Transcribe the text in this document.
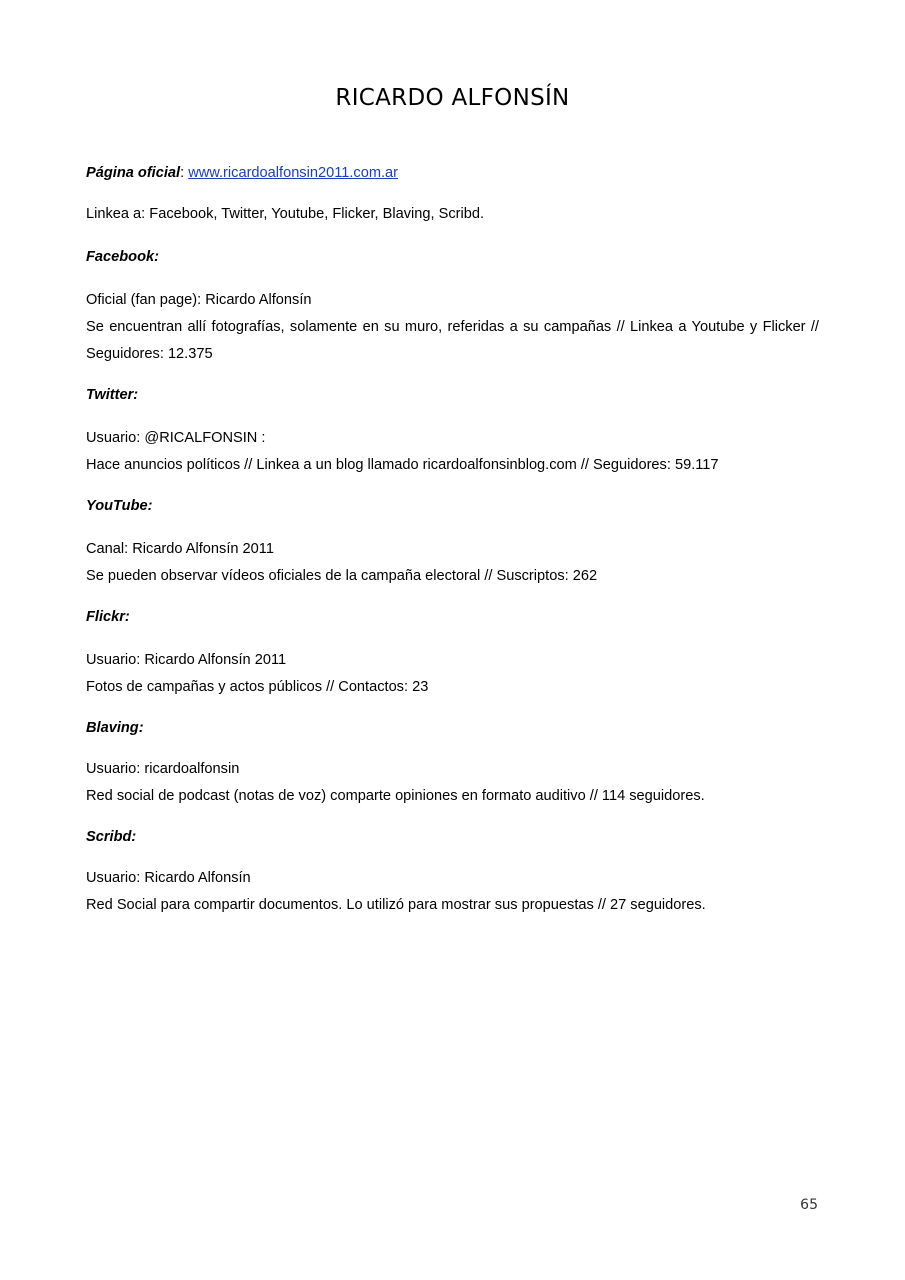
RICARDO ALFONSÍN

Página oficial: www.ricardoalfonsin2011.com.ar

Linkea a: Facebook, Twitter, Youtube, Flicker, Blaving, Scribd.

Facebook:

Oficial (fan page): Ricardo Alfonsín

Se encuentran allí fotografías, solamente en su muro, referidas a su campañas // Linkea a Youtube y Flicker // Seguidores: 12.375

Twitter:

Usuario: @RICALFONSIN :

Hace anuncios políticos // Linkea a un blog llamado ricardoalfonsinblog.com // Seguidores: 59.117

YouTube:

Canal: Ricardo Alfonsín 2011

Se pueden observar vídeos oficiales de la campaña electoral // Suscriptos: 262

Flickr:

Usuario: Ricardo Alfonsín 2011

Fotos de campañas y actos públicos // Contactos: 23

Blaving:

Usuario: ricardoalfonsin

Red social de podcast (notas de voz) comparte opiniones en formato auditivo // 114 seguidores.

Scribd:

Usuario: Ricardo Alfonsín

Red Social para compartir documentos. Lo utilizó para mostrar sus propuestas // 27 seguidores.

65
